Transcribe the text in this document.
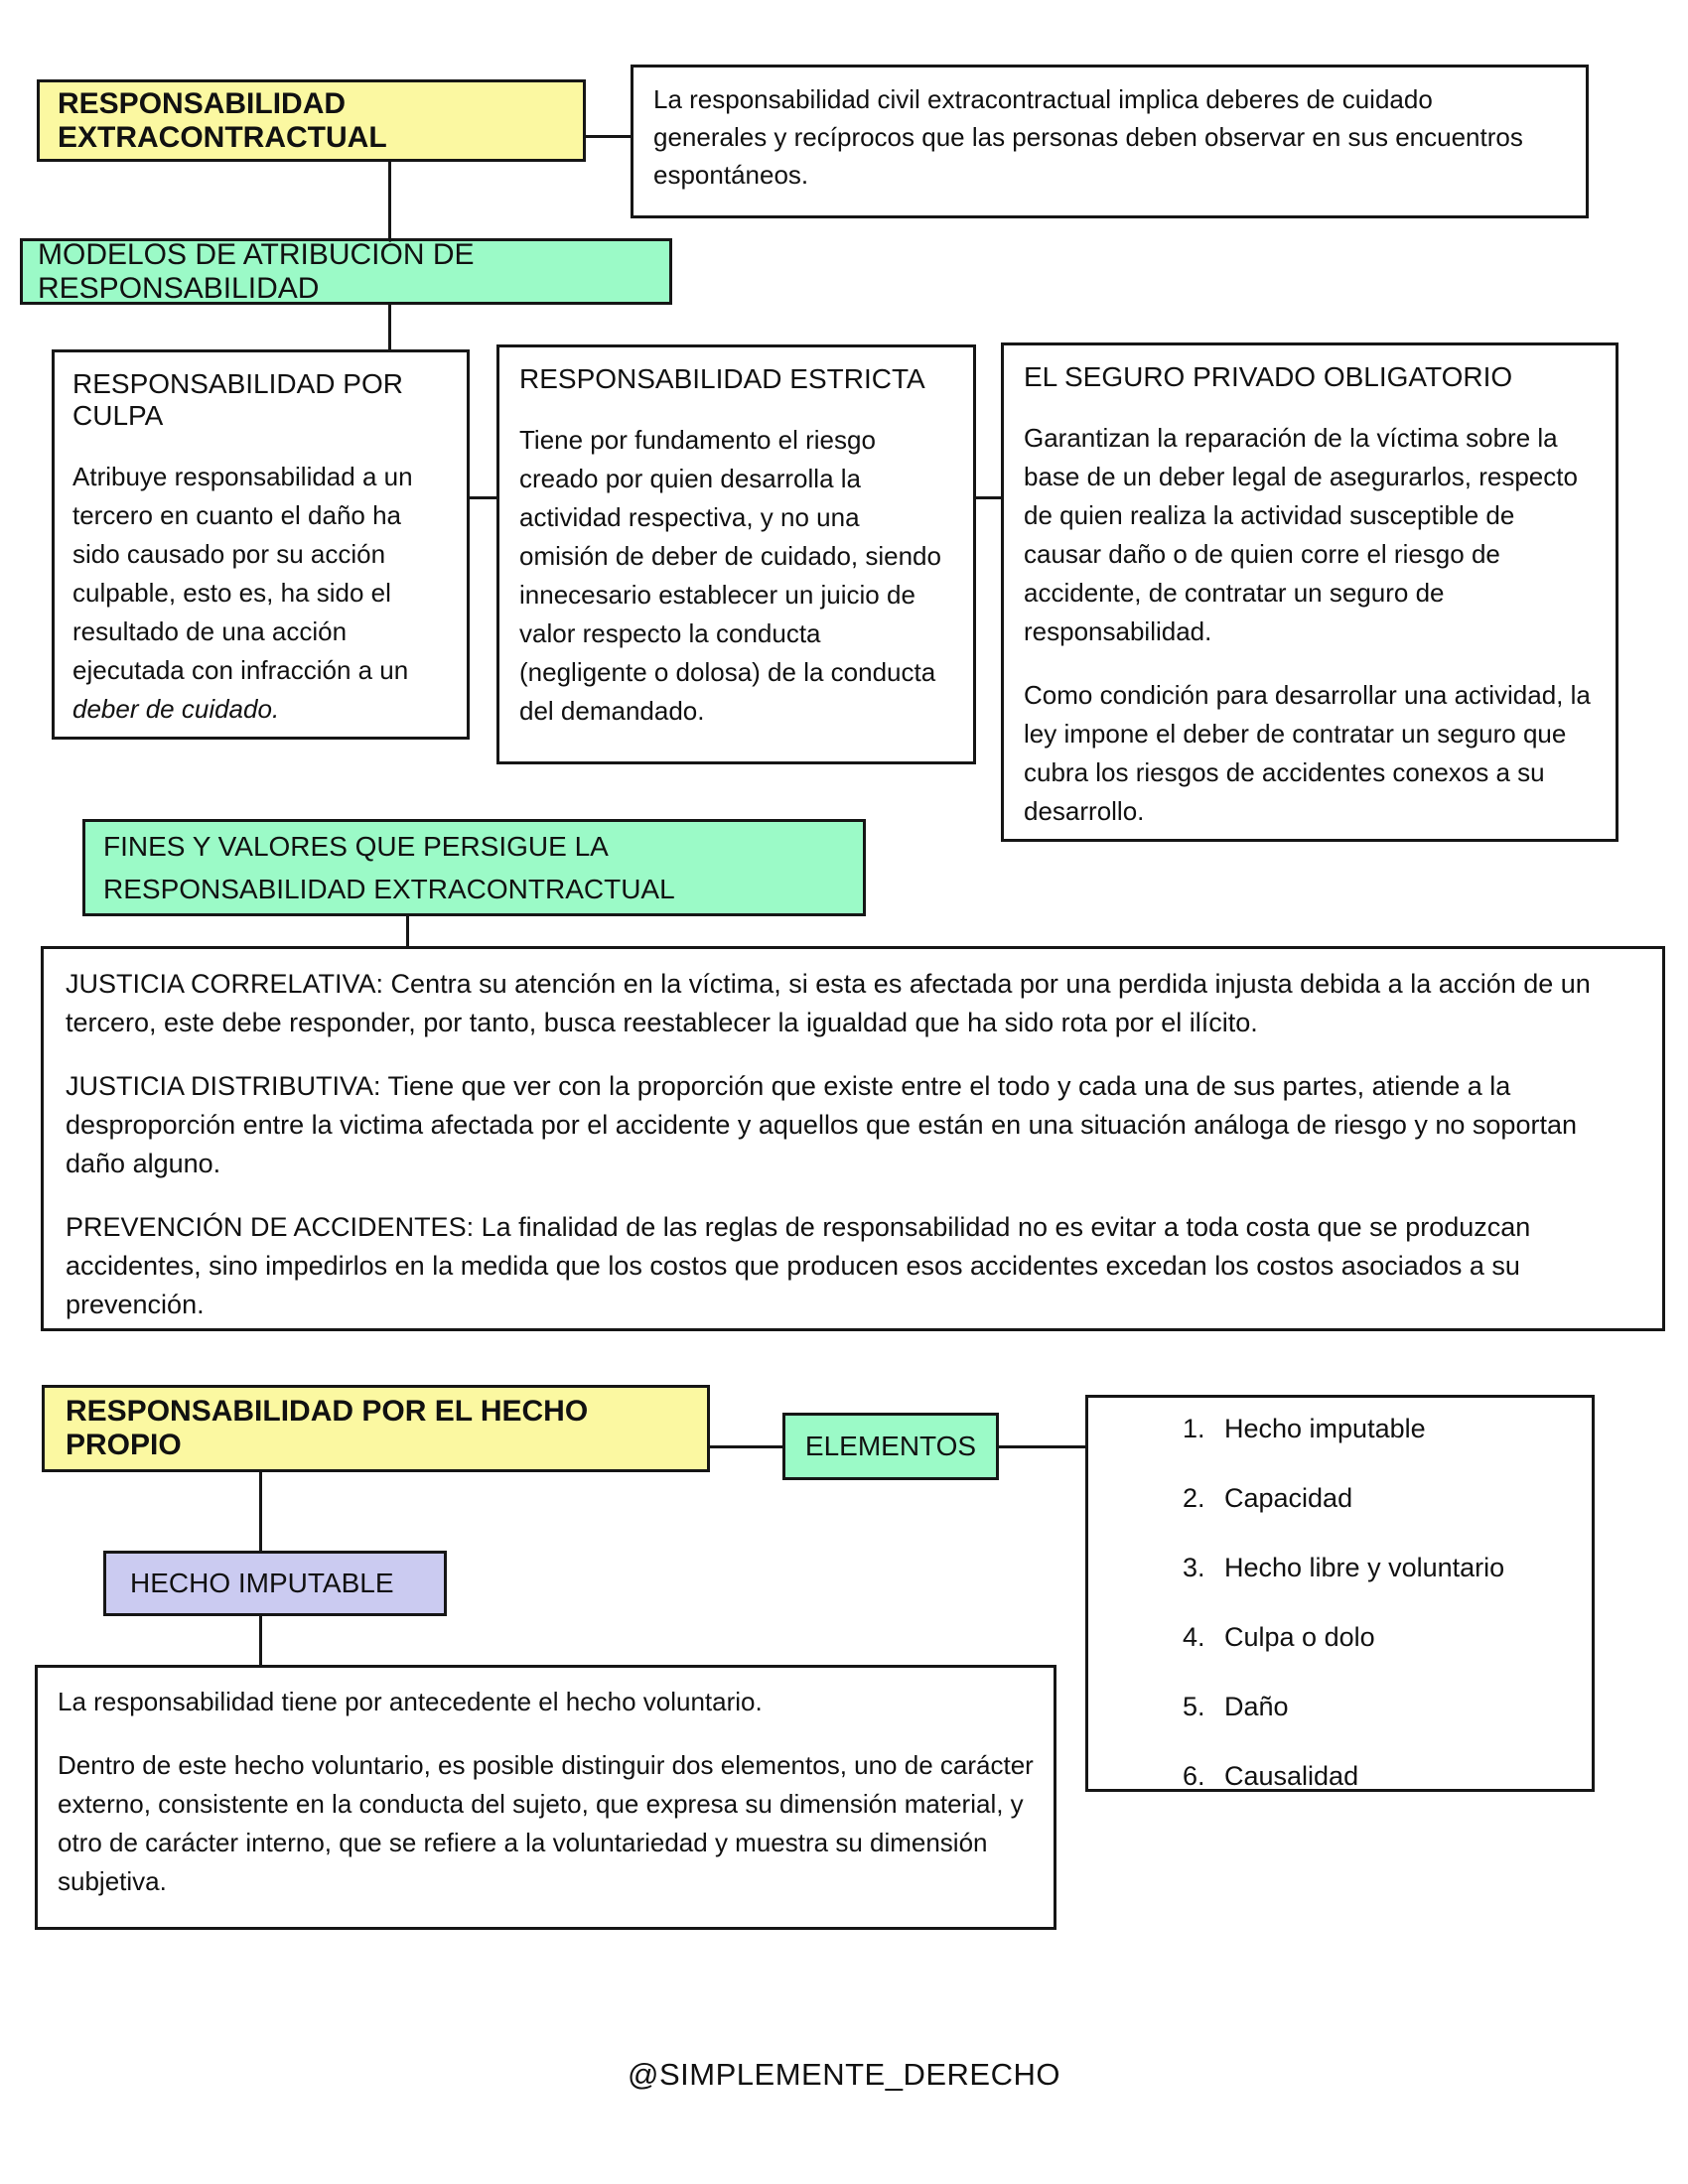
RESPONSABILIDAD EXTRACONTRACTUAL
La responsabilidad civil extracontractual implica deberes de cuidado generales y recíprocos que las personas deben observar en sus encuentros espontáneos.
MODELOS DE ATRIBUCIÓN DE RESPONSABILIDAD

RESPONSABILIDAD POR CULPA

Atribuye responsabilidad a un tercero en cuanto el daño ha sido causado por su acción culpable, esto es, ha sido el resultado de una acción ejecutada con infracción a un deber de cuidado.

RESPONSABILIDAD ESTRICTA

Tiene por fundamento el riesgo creado por quien desarrolla la actividad respectiva, y no una omisión de deber de cuidado, siendo innecesario establecer un juicio de valor respecto la conducta (negligente o dolosa) de la conducta del demandado.

EL SEGURO PRIVADO OBLIGATORIO

Garantizan la reparación de la víctima sobre la base de un deber legal de asegurarlos, respecto de quien realiza la actividad susceptible de causar daño o de quien corre el riesgo de accidente, de contratar un seguro de responsabilidad.

Como condición para desarrollar una actividad, la ley impone el deber de contratar un seguro que cubra los riesgos de accidentes conexos a su desarrollo.

FINES Y VALORES QUE PERSIGUE LA RESPONSABILIDAD EXTRACONTRACTUAL

JUSTICIA CORRELATIVA: Centra su atención en la víctima, si esta es afectada por una perdida injusta debida a la acción de un tercero, este debe responder, por tanto, busca reestablecer la igualdad que ha sido rota por el ilícito.

JUSTICIA DISTRIBUTIVA: Tiene que ver con la proporción que existe entre el todo y cada una de sus partes, atiende a la desproporción entre la victima afectada por el accidente y aquellos que están en una situación análoga de riesgo y no soportan daño alguno.

PREVENCIÓN DE ACCIDENTES: La finalidad de las reglas de responsabilidad no es evitar a toda costa que se produzcan accidentes, sino impedirlos en la medida que los costos que producen esos accidentes excedan los costos asociados a su prevención.

RESPONSABILIDAD POR EL HECHO PROPIO	ELEMENTOS
1. Hecho imputable
2. Capacidad
3. Hecho libre y voluntario
4. Culpa o dolo
5. Daño
6. Causalidad
HECHO IMPUTABLE

La responsabilidad tiene por antecedente el hecho voluntario.

Dentro de este hecho voluntario, es posible distinguir dos elementos, uno de carácter externo, consistente en la conducta del sujeto, que expresa su dimensión material, y otro de carácter interno, que se refiere a la voluntariedad y muestra su dimensión subjetiva.

@SIMPLEMENTE_DERECHO
